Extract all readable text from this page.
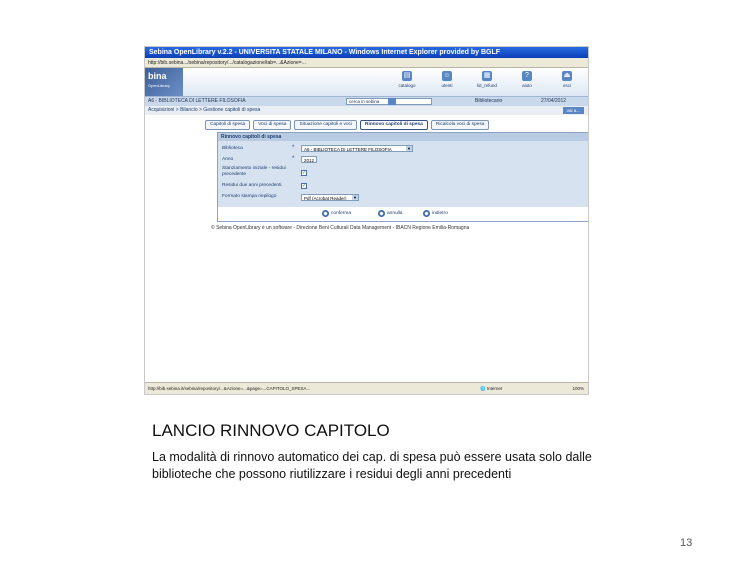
Sebina OpenLibrary v.2.2 - UNIVERSITA STATALE MILANO - Windows Internet Explorer provided by BGLF
http://bib.sebina.../sebina/repository/.../catalogazione/tab=...&Azione=...
bina
OpenLibrary
▤
catalogo
☺
utenti
▦
kit_refund
?
aiuto
⏏
esci
A6 - BIBLIOTECA DI LETTERE FILOSOFIA	cerca in sebina	Bibliotecario	27/04/2012
Acquisizioni > Bilancio > Gestione capitoli di spesa	vai a...
Capitoli di spesa	Voci di spesa	Situazione capitoli e voci	Rinnovo capitoli di spesa	Ricalcola voci di spesa
Rinnovo capitoli di spesa
Biblioteca	*	A6 - BIBLIOTECA DI LETTERE FILOSOFIA	▼
Anno	*	2012
Stanziamento iniziale - residui precedente	✓
Residui due anni precedenti	✓
Formato stampa riepilogo	Pdf (Acrobat Reader) ▼
conferma	annulla	indietro
© Sebina OpenLibrary è un software - Direzione Beni Culturali Data Management - IBACN Regione Emilia-Romagna
http://bib.sebina.it/sebina/repository/...&Azione=...&page=...CAPITOLO_SPESA...	🌐 Internet	100%
LANCIO RINNOVO CAPITOLO
La modalità di rinnovo automatico dei cap. di spesa può essere usata solo dalle biblioteche che possono riutilizzare i residui degli anni precedenti
13
